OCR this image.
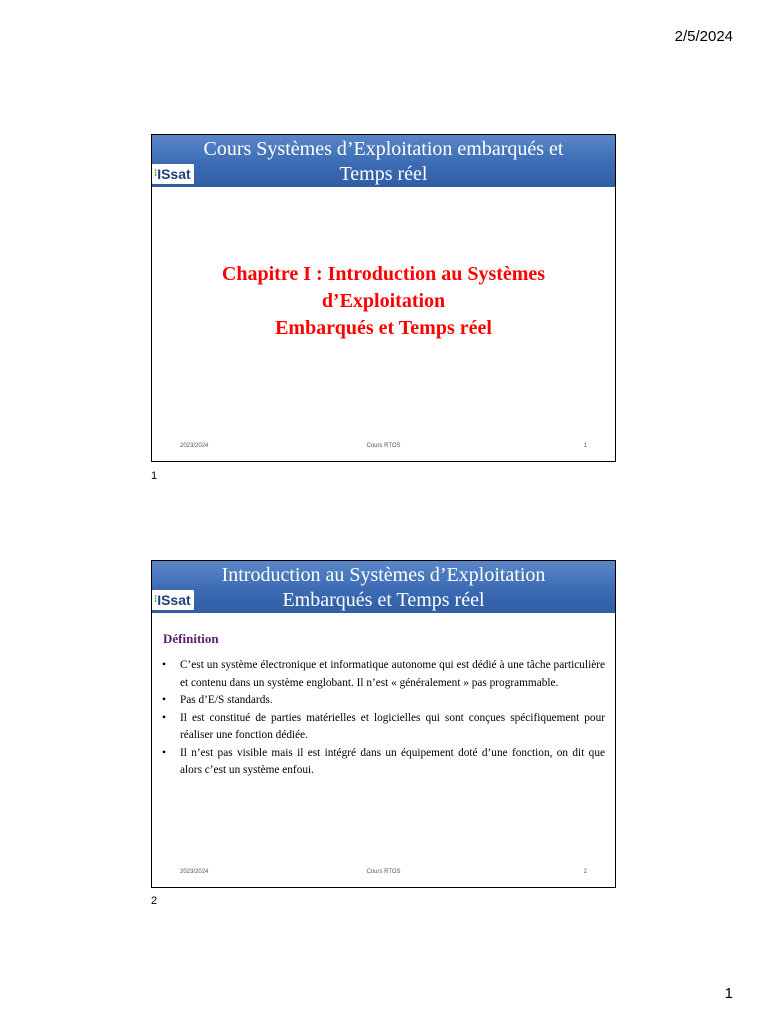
2/5/2024
Cours Systèmes d’Exploitation embarqués et
Temps réel
⁝ISsat
Chapitre I : Introduction au Systèmes
d’Exploitation
Embarqués et Temps réel
2023/2024	Cours RTOS	1
1
Introduction au Systèmes d’Exploitation
Embarqués et Temps réel
⁝ISsat
Définition
• C’est un système électronique et informatique autonome qui est dédié à une tâche particulière et contenu dans un système englobant. Il n’est « généralement » pas programmable.
• Pas d’E/S standards.
• Il est constitué de parties matérielles et logicielles qui sont conçues spécifiquement pour réaliser une fonction dédiée.
• Il n’est pas visible mais il est intégré dans un équipement doté d’une fonction, on dit que alors c’est un système enfoui.
2023/2024	Cours RTOS	2
2
1
